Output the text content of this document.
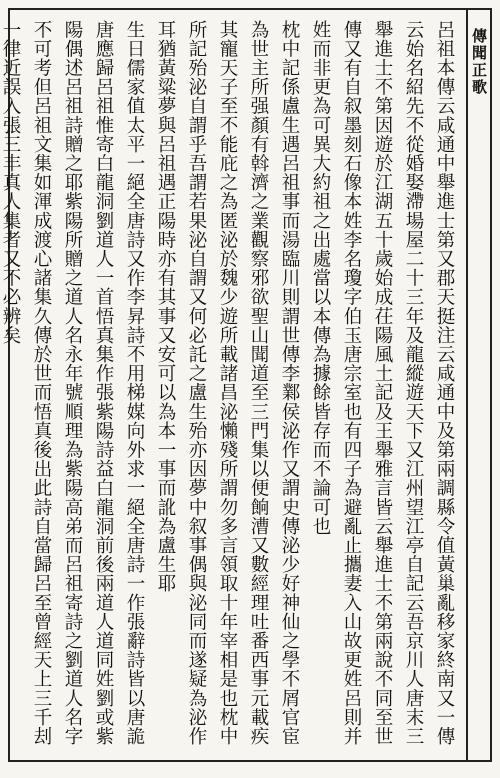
傳聞正歌
呂祖本傳云咸通中舉進士第又郡天挺注云咸通中及第兩調縣令值黃巢亂移家終南又一傳
云始名紹先不從婚娶滯場屋二十三年及龍縱遊天下又江州望江亭自記云吾京川人唐末三
舉進士不第因遊於江湖五十歲始成茌陽風土記及王舉雅言皆云舉進士不第兩說不同至世
傳又有自叙墨刻石像本姓李名瓊字伯玉唐宗室也有四子為避亂止攜妻入山故更姓呂則并
姓而非更為可異大約祖之出處當以本傳為據餘皆存而不論可也
枕中記係盧生遇呂祖事而湯臨川則謂世傳李鄴侯泌作又謂史傳泌少好神仙之學不屑官宦
為世主所强顏有斡濟之業觀察邪欲聖山聞道至三門集以便餉漕又數經理吐番西事元載疾
其寵天子至不能庇之為匿泌於魏少遊所載諸昌泌懶殘所謂勿多言領取十年宰相是也枕中
所記殆泌自謂乎吾謂若果泌自謂又何必託之盧生殆亦因夢中叙事偶與泌同而遂疑為泌作
耳猶黃粱夢與呂祖遇正陽時亦有其事又安可以為本一事而訛為盧生耶
生日儒家值太平一絕全唐詩又作李昇詩不用梯媒向外求一絕全唐詩一作張辭詩皆以唐詭
唐應歸呂祖惟寄白龍洞劉道人一首悟真集作張紫陽詩益白龍洞前後兩道人道同姓劉或紫
陽偶述呂祖詩贈之耶紫陽所贈之道人名永年號順理為紫陽高弟而呂祖寄詩之劉道人名字
不可考但呂祖文集如渾成渡心諸集久傳於世而悟真後出此詩自當歸呂至曾經天上三千刦
一律近誤入張三丰真人集者又不必辨矣
